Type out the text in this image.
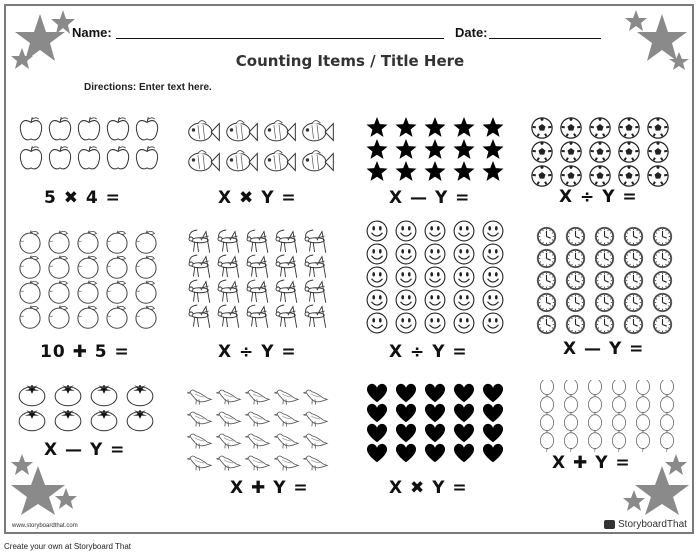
Name:	Date:
Counting Items / Title Here
Directions: Enter text here.
5 ✖ 4 =	X ✖ Y =	X — Y =	X ÷ Y =
10 ✚ 5 =	X ÷ Y =	X ÷ Y =	X — Y =
X — Y =
X ✚ Y =	X ✖ Y =
X ✚ Y =
www.storyboardthat.com	StoryboardThat
Create your own at Storyboard That
